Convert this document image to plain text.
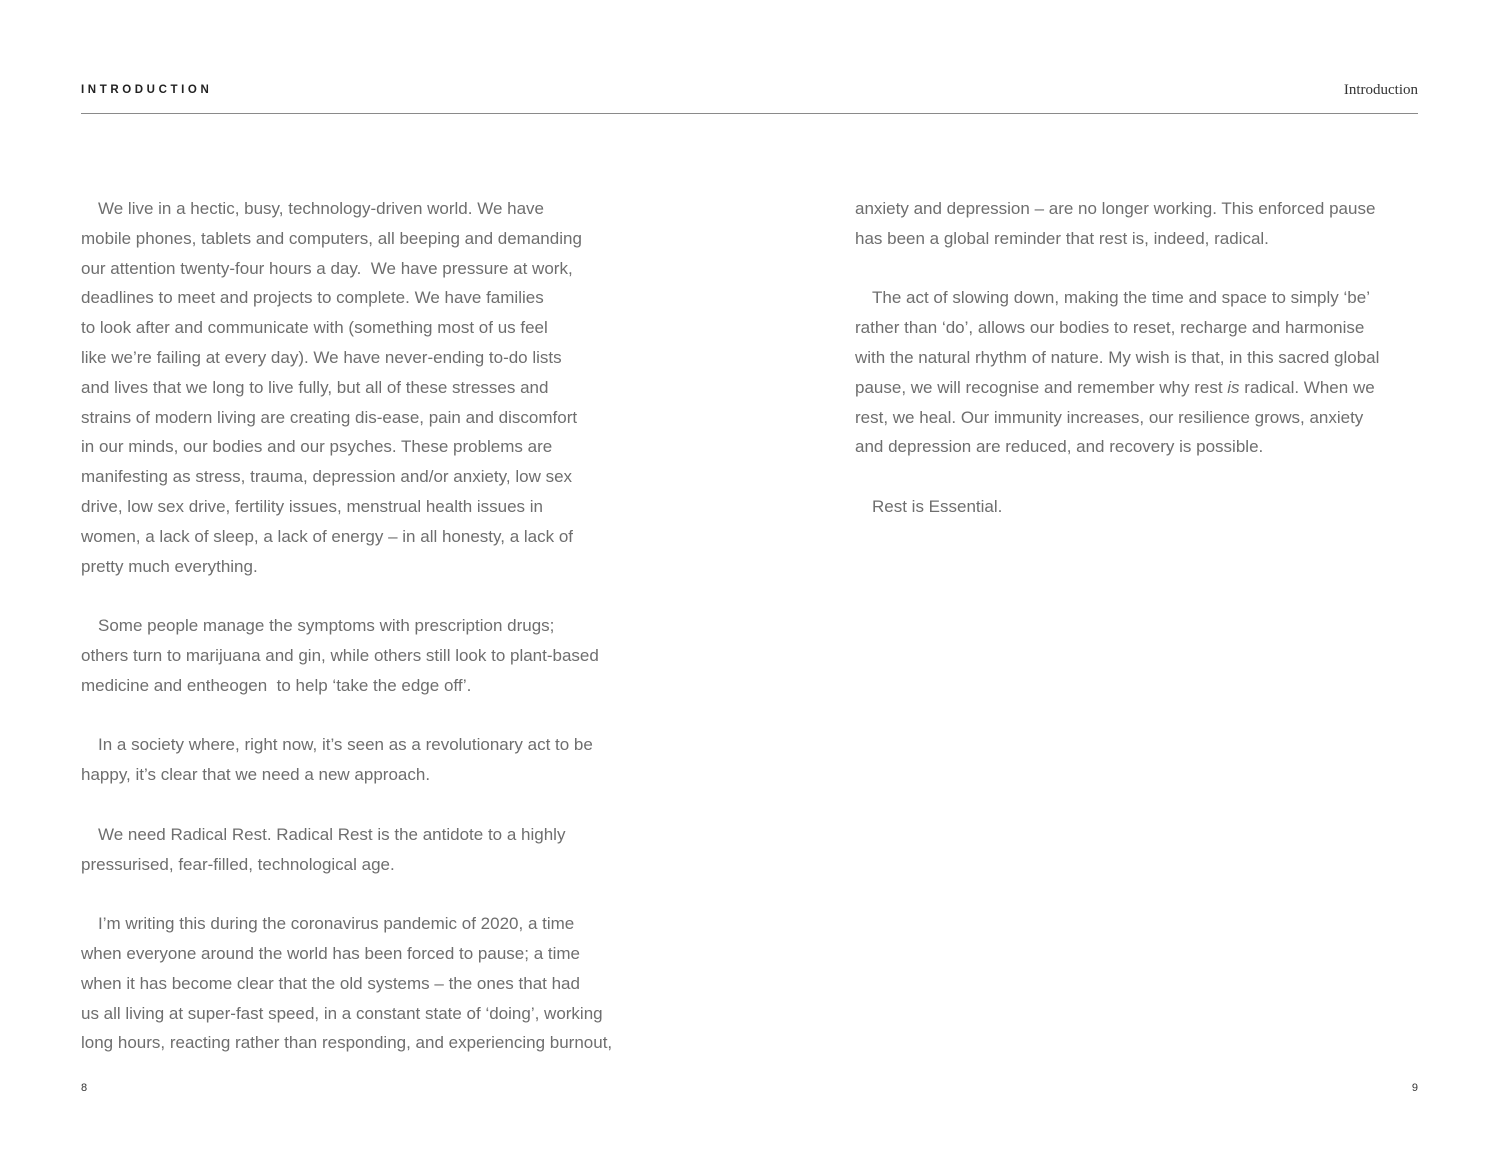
INTRODUCTION	Introduction
We live in a hectic, busy, technology-driven world. We have
mobile phones, tablets and computers, all beeping and demanding
our attention twenty-four hours a day.  We have pressure at work,
deadlines to meet and projects to complete. We have families
to look after and communicate with (something most of us feel
like we’re failing at every day). We have never-ending to-do lists
and lives that we long to live fully, but all of these stresses and
strains of modern living are creating dis-ease, pain and discomfort
in our minds, our bodies and our psyches. These problems are
manifesting as stress, trauma, depression and/or anxiety, low sex
drive, low sex drive, fertility issues, menstrual health issues in
women, a lack of sleep, a lack of energy – in all honesty, a lack of
pretty much everything.
Some people manage the symptoms with prescription drugs;
others turn to marijuana and gin, while others still look to plant-based
medicine and entheogen  to help ‘take the edge off’.
In a society where, right now, it’s seen as a revolutionary act to be
happy, it’s clear that we need a new approach.
We need Radical Rest. Radical Rest is the antidote to a highly
pressurised, fear-filled, technological age.
I’m writing this during the coronavirus pandemic of 2020, a time
when everyone around the world has been forced to pause; a time
when it has become clear that the old systems – the ones that had
us all living at super-fast speed, in a constant state of ‘doing’, working
long hours, reacting rather than responding, and experiencing burnout,
anxiety and depression – are no longer working. This enforced pause
has been a global reminder that rest is, indeed, radical.
The act of slowing down, making the time and space to simply ‘be’
rather than ‘do’, allows our bodies to reset, recharge and harmonise
with the natural rhythm of nature. My wish is that, in this sacred global
pause, we will recognise and remember why rest is radical. When we
rest, we heal. Our immunity increases, our resilience grows, anxiety
and depression are reduced, and recovery is possible.
Rest is Essential.
8	9
